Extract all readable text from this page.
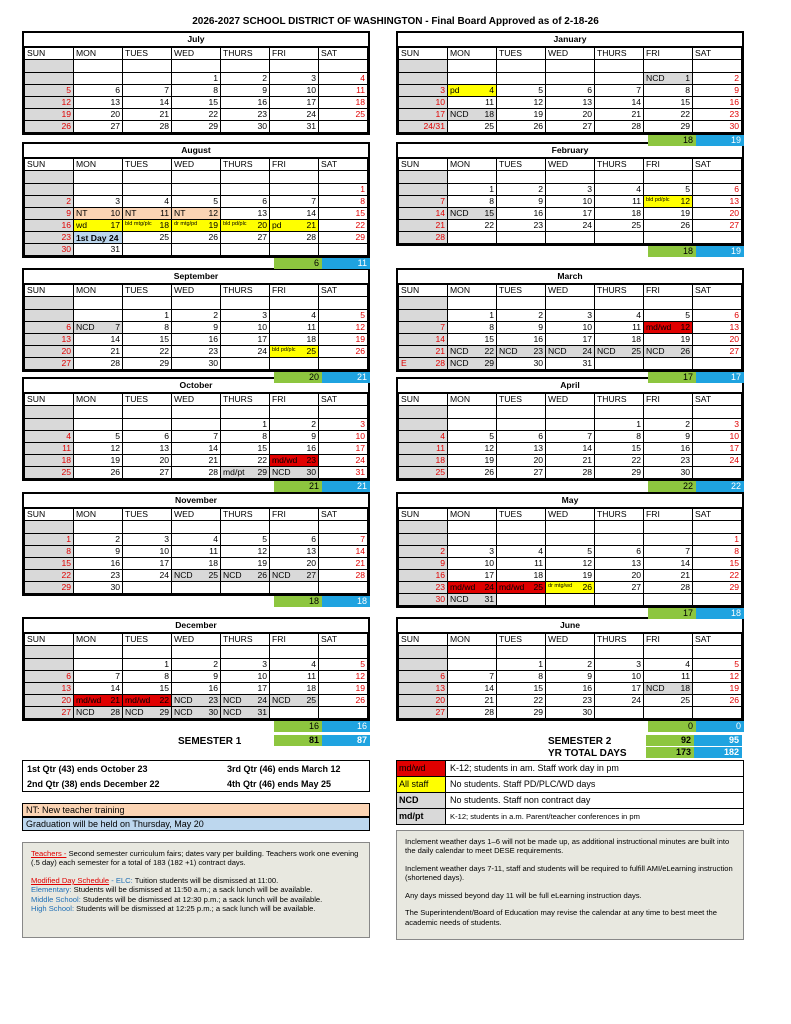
2026-2027 SCHOOL DISTRICT OF WASHINGTON - Final Board Approved as of 2-18-26
July
SUN	MON	TUES	WED	THURS	FRI	SAT

			1	2	3	4
5	6	7	8	9	10	11
12	13	14	15	16	17	18
19	20	21	22	23	24	25
26	27	28	29	30	31	
August
SUN	MON	TUES	WED	THURS	FRI	SAT

						1
2	3	4	5	6	7	8
9	NT 10	NT 11	NT 12	13	14	15
16	wd 17	bld mtg/plc 18	dr mtg/pd 19	bld pd/plc 20	pd 21	22
23	1st Day 24	25	26	27	28	29
30	31					
September
SUN	MON	TUES	WED	THURS	FRI	SAT

		1	2	3	4	5
6	NCD 7	8	9	10	11	12
13	14	15	16	17	18	19
20	21	22	23	24	bld pd/plc 25	26
27	28	29	30			
October
SUN	MON	TUES	WED	THURS	FRI	SAT

				1	2	3
4	5	6	7	8	9	10
11	12	13	14	15	16	17
18	19	20	21	22	md/wd 23	24
25	26	27	28	md/pt 29	NCD 30	31
November
SUN	MON	TUES	WED	THURS	FRI	SAT

1	2	3	4	5	6	7
8	9	10	11	12	13	14
15	16	17	18	19	20	21
22	23	24	NCD 25	NCD 26	NCD 27	28
29	30					
December
SUN	MON	TUES	WED	THURS	FRI	SAT

		1	2	3	4	5
6	7	8	9	10	11	12
13	14	15	16	17	18	19
20	md/wd 21	md/wd 22	NCD 23	NCD 24	NCD 25	26
27	NCD 28	NCD 29	NCD 30	NCD 31		
January
SUN	MON	TUES	WED	THURS	FRI	SAT

					NCD 1	2
3	pd 4	5	6	7	8	9
10	11	12	13	14	15	16
17	NCD 18	19	20	21	22	23
24/31	25	26	27	28	29	30
February
SUN	MON	TUES	WED	THURS	FRI	SAT

	1	2	3	4	5	6
7	8	9	10	11	bld pd/plc 12	13
14	NCD 15	16	17	18	19	20
21	22	23	24	25	26	27
28						
March
SUN	MON	TUES	WED	THURS	FRI	SAT

	1	2	3	4	5	6
7	8	9	10	11	md/wd 12	13
14	15	16	17	18	19	20
21	NCD 22	NCD 23	NCD 24	NCD 25	NCD 26	27

E 28	NCD 29	30	31			
April
SUN	MON	TUES	WED	THURS	FRI	SAT

				1	2	3
4	5	6	7	8	9	10
11	12	13	14	15	16	17
18	19	20	21	22	23	24
25	26	27	28	29	30	
May
SUN	MON	TUES	WED	THURS	FRI	SAT

						1
2	3	4	5	6	7	8
9	10	11	12	13	14	15
16	17	18	19	20	21	22
23	md/wd 24	md/wd 25	dr mtg/wd 26	27	28	29
30	NCD 31					
June
SUN	MON	TUES	WED	THURS	FRI	SAT

		1	2	3	4	5
6	7	8	9	10	11	12
13	14	15	16	17	NCD 18	19
20	21	22	23	24	25	26
27	28	29	30			
SEMESTER 1	81	87	SEMESTER 2	92	95
YR TOTAL DAYS	173	182
1st Qtr (43) ends October 23
2nd Qtr (38) ends December 22
3rd Qtr (46) ends March 12
4th Qtr (46) ends May 25
NT: New teacher training
Graduation will be held on Thursday, May 20

Teachers - Second semester curriculum fairs; dates vary per building. Teachers work one evening (.5 day) each semester for a total of 183 (182 +1) contract days.

Modified Day Schedule - ELC: Tuition students will be dismissed at 11:00.
Elementary: Students will be dismissed at 11:50 a.m.; a sack lunch will be available.
Middle School: Students will be dismissed at 12:30 p.m.; a sack lunch will be available.
High School: Students will be dismissed at 12:25 p.m.; a sack lunch will be available.
md/wd	K-12; students in am. Staff work day in pm
All staff	No students. Staff PD/PLC/WD days
NCD	No students. Staff non contract day
md/pt	K-12; students in a.m. Parent/teacher conferences in pm

Inclement weather days 1–6 will not be made up, as additional instructional minutes are built into the daily calendar to meet DESE requirements.

Inclement weather days 7-11, staff and students will be required to fulfill AMI/eLearning instruction (shortened days).

Any days missed beyond day 11 will be full eLearning instruction days.

The Superintendent/Board of Education may revise the calendar at any time to best meet the academic needs of students.

6	11
20	21
21	21
18	18
16	16
18	19
18	19
17	17
22	22
17	18
0	0
